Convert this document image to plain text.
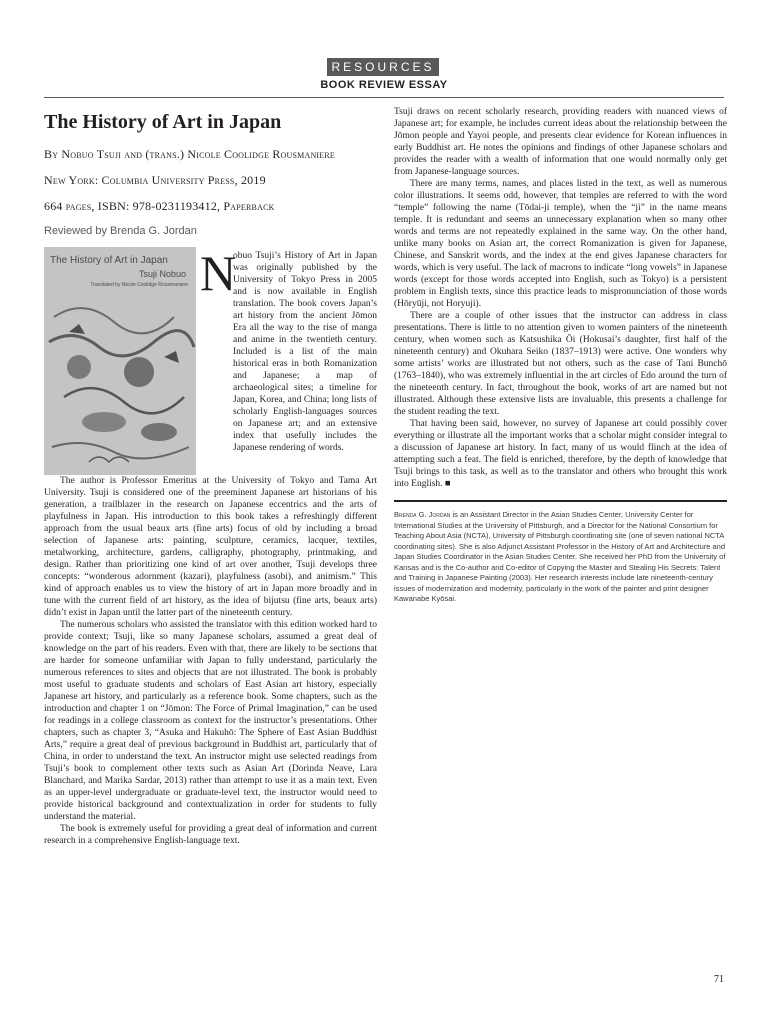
RESOURCES
BOOK REVIEW ESSAY
The History of Art in Japan
By Nobuo Tsuji and (trans.) Nicole Coolidge Rousmaniere
New York: Columbia University Press, 2019
664 pages, ISBN: 978-0231193412, Paperback
Reviewed by Brenda G. Jordan
The History of Art in Japan
Tsuji Nobuo
Translated by Nicole Coolidge Rousmaniere N

obuo Tsuji’s History of Art in Japan was originally published by the University of Tokyo Press in 2005 and is now available in English translation. The book covers Japan’s art history from the ancient Jōmon Era all the way to the rise of manga and anime in the twentieth century. Included is a list of the main historical eras in both Romanization and Japanese; a map of archaeological sites; a timeline for Japan, Korea, and China; long lists of scholarly English-languages sources on Japanese art; and an extensive index that usefully includes the Japanese rendering of words.

The author is Professor Emeritus at the University of Tokyo and Tama Art University. Tsuji is considered one of the preeminent Japanese art historians of his generation, a trailblazer in the research on Japanese eccentrics and the arts of playfulness in Japan. His introduction to this book takes a refreshingly different approach from the usual beaux arts (fine arts) focus of old by including a broad selection of Japanese arts: painting, sculpture, ceramics, lacquer, textiles, metalworking, architecture, gardens, calligraphy, photography, printmaking, and design. Rather than prioritizing one kind of art over another, Tsuji develops three concepts: “wonderous adornment (kazari), playfulness (asobi), and animism.” This kind of approach enables us to view the history of art in Japan more broadly and in tune with the current field of art history, as the idea of bijutsu (fine arts, beaux arts) didn’t exist in Japan until the latter part of the nineteenth century.

The numerous scholars who assisted the translator with this edition worked hard to provide context; Tsuji, like so many Japanese scholars, assumed a great deal of knowledge on the part of his readers. Even with that, there are likely to be sections that are harder for someone unfamiliar with Japan to fully understand, particularly the numerous references to sites and objects that are not illustrated. The book is probably most useful to graduate students and scholars of East Asian art history, especially Japanese art history, and particularly as a reference book. Some chapters, such as the introduction and chapter 1 on “Jōmon: The Force of Primal Imagination,” can be used for readings in a college classroom as context for the instructor’s presentations. Other chapters, such as chapter 3, “Asuka and Hakuhō: The Sphere of East Asian Buddhist Arts,” require a great deal of previous background in Buddhist art, particularly that of China, in order to understand the text. An instructor might use selected readings from Tsuji’s book to complement other texts such as Asian Art (Dorinda Neave, Lara Blanchard, and Marika Sardar, 2013) rather than attempt to use it as a main text. Even as an upper-level undergraduate or graduate-level text, the instructor would need to provide historical background and contextualization in order for students to fully understand the material.

The book is extremely useful for providing a great deal of information and current research in a comprehensive English-language text.

Tsuji draws on recent scholarly research, providing readers with nuanced views of Japanese art; for example, he includes current ideas about the relationship between the Jōmon people and Yayoi people, and presents clear evidence for Korean influences in early Buddhist art. He notes the opinions and findings of other Japanese scholars and provides the reader with a wealth of information that one would normally only get from Japanese-language sources.

There are many terms, names, and places listed in the text, as well as numerous color illustrations. It seems odd, however, that temples are referred to with the word “temple” following the name (Tōdai-ji temple), when the “ji” in the name means temple. It is redundant and seems an unnecessary explanation when so many other words and terms are not repeatedly explained in the same way. On the other hand, unlike many books on Asian art, the correct Romanization is given for Japanese, Chinese, and Sanskrit words, and the index at the end gives Japanese characters for words, which is very useful. The lack of macrons to indicate “long vowels” in Japanese words (except for those words accepted into English, such as Tokyo) is a persistent problem in English texts, since this practice leads to mispronunciation of those words (Hōryūji, not Horyuji).

There are a couple of other issues that the instructor can address in class presentations. There is little to no attention given to women painters of the nineteenth century, when women such as Katsushika Ōi (Hokusai’s daughter, first half of the nineteenth century) and Okuhara Seiko (1837–1913) were active. One wonders why some artists’ works are illustrated but not others, such as the case of Tani Bunchō (1763–1840), who was extremely influential in the art circles of Edo around the turn of the nineteenth century. In fact, throughout the book, works of art are named but not illustrated. Although these extensive lists are invaluable, this presents a challenge for the student reading the text.

That having been said, however, no survey of Japanese art could possibly cover everything or illustrate all the important works that a scholar might consider integral to a discussion of Japanese art history. In fact, many of us would flinch at the idea of attempting such a feat. The field is enriched, therefore, by the depth of knowledge that Tsuji brings to this task, as well as to the translator and others who brought this work into English. ■

Brenda G. Jordan is an Assistant Director in the Asian Studies Center, University Center for International Studies at the University of Pittsburgh, and a Director for the National Consortium for Teaching About Asia (NCTA), University of Pittsburgh coordinating site (one of seven national NCTA coordinating sites). She is also Adjunct Assistant Professor in the History of Art and Architecture and Japan Studies Coordinator in the Asian Studies Center. She received her PhD from the University of Kansas and is the Co-author and Co-editor of Copying the Master and Stealing His Secrets: Talent and Training in Japanese Painting (2003). Her research interests include late nineteenth-century issues of modernization and modernity, particularly in the work of the painter and print designer Kawanabe Kyōsai.

71
